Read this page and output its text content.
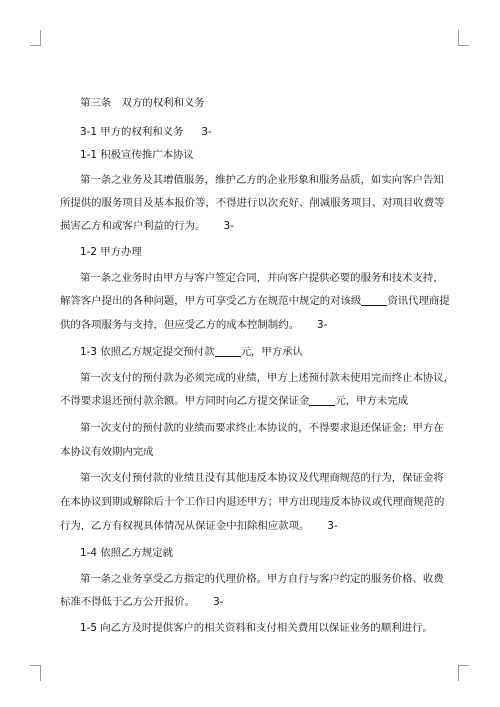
第三条　双方的权利和义务
3-1 甲方的权利和义务 3-
1-1 积极宣传推广本协议
第一条之业务及其增值服务，维护乙方的企业形象和服务品质，如实向客户告知
所提供的服务项目及基本报价等，不得进行以次充好、削减服务项目、对项目收费等
损害乙方和或客户利益的行为。 3-
1-2 甲方办理
第一条之业务时由甲方与客户签定合同，并向客户提供必要的服务和技术支持，
解答客户提出的各种问题，甲方可享受乙方在规范中规定的对该级	资讯代理商提
供的各项服务与支持，但应受乙方的成本控制制约。 3-
1-3 依照乙方规定提交预付款	元，甲方承认
第一次支付的预付款为必须完成的业绩，甲方上述预付款未使用完而终止本协议，
不得要求退还预付款余额。甲方同时向乙方提交保证金	元，甲方未完成
第一次支付的预付款的业绩而要求终止本协议的，不得要求退还保证金；甲方在
本协议有效期内完成
第一次支付预付款的业绩且没有其他违反本协议及代理商规范的行为，保证金将
在本协议到期或解除后十个工作日内退还甲方；甲方出现违反本协议或代理商规范的
行为，乙方有权视具体情况从保证金中扣除相应款项。 3-
1-4 依照乙方规定就
第一条之业务享受乙方指定的代理价格。甲方自行与客户约定的服务价格、收费
标准不得低于乙方公开报价。 3-
1-5 向乙方及时提供客户的相关资料和支付相关费用以保证业务的顺利进行。
